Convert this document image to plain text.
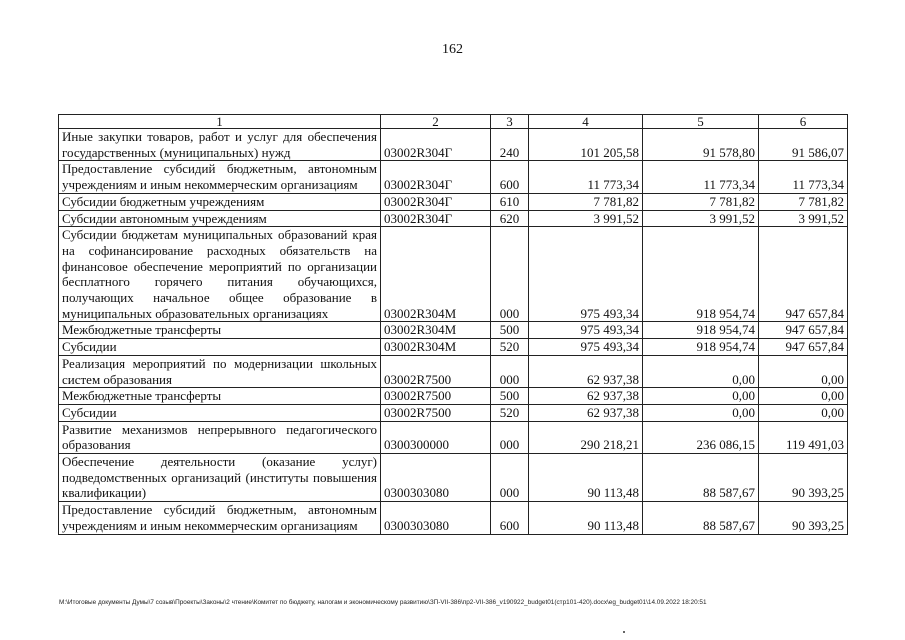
162
1	2	3	4	5	6
Иные закупки товаров, работ и услуг для обеспечения государственных (муниципальных) нужд	03002R304Г	240	101 205,58	91 578,80	91 586,07
Предоставление субсидий бюджетным, автономным учреждениям и иным некоммерческим организациям	03002R304Г	600	11 773,34	11 773,34	11 773,34
Субсидии бюджетным учреждениям	03002R304Г	610	7 781,82	7 781,82	7 781,82
Субсидии автономным учреждениям	03002R304Г	620	3 991,52	3 991,52	3 991,52
Субсидии бюджетам муниципальных образований края на софинансирование расходных обязательств на финансовое обеспечение мероприятий по организации бесплатного горячего питания обучающихся, получающих начальное общее образование в муниципальных образовательных организациях	03002R304M	000	975 493,34	918 954,74	947 657,84
Межбюджетные трансферты	03002R304M	500	975 493,34	918 954,74	947 657,84
Субсидии	03002R304M	520	975 493,34	918 954,74	947 657,84
Реализация мероприятий по модернизации школьных систем образования	03002R7500	000	62 937,38	0,00	0,00
Межбюджетные трансферты	03002R7500	500	62 937,38	0,00	0,00
Субсидии	03002R7500	520	62 937,38	0,00	0,00
Развитие механизмов непрерывного педагогического образования	0300300000	000	290 218,21	236 086,15	119 491,03
Обеспечение деятельности (оказание услуг) подведомственных организаций (институты повышения квалификации)	0300303080	000	90 113,48	88 587,67	90 393,25
Предоставление субсидий бюджетным, автономным учреждениям и иным некоммерческим организациям	0300303080	600	90 113,48	88 587,67	90 393,25
M:\Итоговые документы Думы\7 созыв\Проекты\Законы\2 чтение\Комитет по бюджету, налогам и экономическому развитию\ЗП-VII-386\пр2-VII-386_v190922_budget01(стр101-420).docx\eg_budget01\14.09.2022 18:20:51
